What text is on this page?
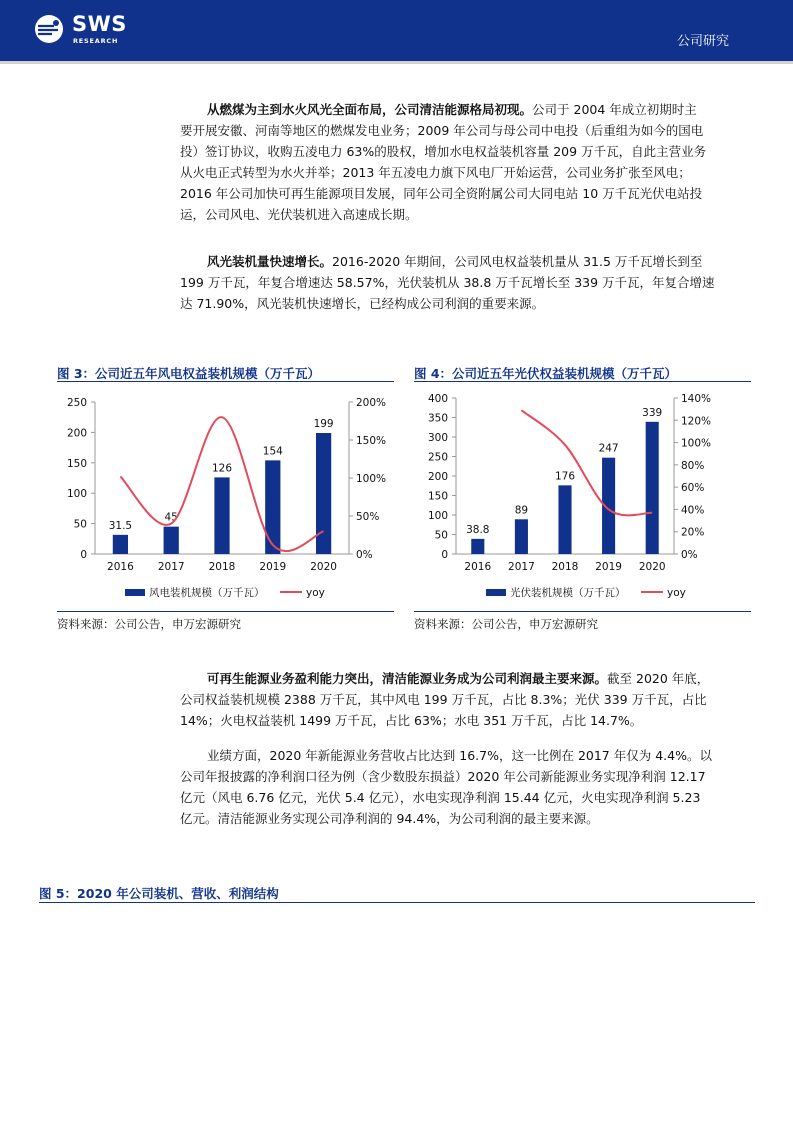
SWS
RESEARCH	公司研究
从燃煤为主到水火风光全面布局，公司清洁能源格局初现。公司于 2004 年成立初期时主
要开展安徽、河南等地区的燃煤发电业务；2009 年公司与母公司中电投（后重组为如今的国电
投）签订协议，收购五凌电力 63%的股权，增加水电权益装机容量 209 万千瓦，自此主营业务
从火电正式转型为水火并举；2013 年五凌电力旗下风电厂开始运营，公司业务扩张至风电；
2016 年公司加快可再生能源项目发展，同年公司全资附属公司大同电站 10 万千瓦光伏电站投
运，公司风电、光伏装机进入高速成长期。
风光装机量快速增长。2016-2020 年期间，公司风电权益装机量从 31.5 万千瓦增长到至
199 万千瓦，年复合增速达 58.57%，光伏装机从 38.8 万千瓦增长至 339 万千瓦，年复合增速
达 71.90%，风光装机快速增长，已经构成公司利润的重要来源。
图 3：公司近五年风电权益装机规模（万千瓦）
0
50
100
150
200
250
0%
50%
100%
150%
200%
31.5
2016
45
2017
126
2018
154
2019
199
2020
风电装机规模（万千瓦）	yoy
资料来源：公司公告，申万宏源研究
图 4：公司近五年光伏权益装机规模（万千瓦）
0
50
100
150
200
250
300
350
400
0%
20%
40%
60%
80%
100%
120%
140%
38.8
2016
89
2017
176
2018
247
2019
339
2020
光伏装机规模（万千瓦）	yoy
资料来源：公司公告，申万宏源研究
可再生能源业务盈利能力突出，清洁能源业务成为公司利润最主要来源。截至 2020 年底，
公司权益装机规模 2388 万千瓦，其中风电 199 万千瓦，占比 8.3%；光伏 339 万千瓦，占比
14%；火电权益装机 1499 万千瓦，占比 63%；水电 351 万千瓦，占比 14.7%。
业绩方面，2020 年新能源业务营收占比达到 16.7%，这一比例在 2017 年仅为 4.4%。以
公司年报披露的净利润口径为例（含少数股东损益）2020 年公司新能源业务实现净利润 12.17
亿元（风电 6.76 亿元，光伏 5.4 亿元），水电实现净利润 15.44 亿元，火电实现净利润 5.23
亿元。清洁能源业务实现公司净利润的 94.4%，为公司利润的最主要来源。
图 5：2020 年公司装机、营收、利润结构
